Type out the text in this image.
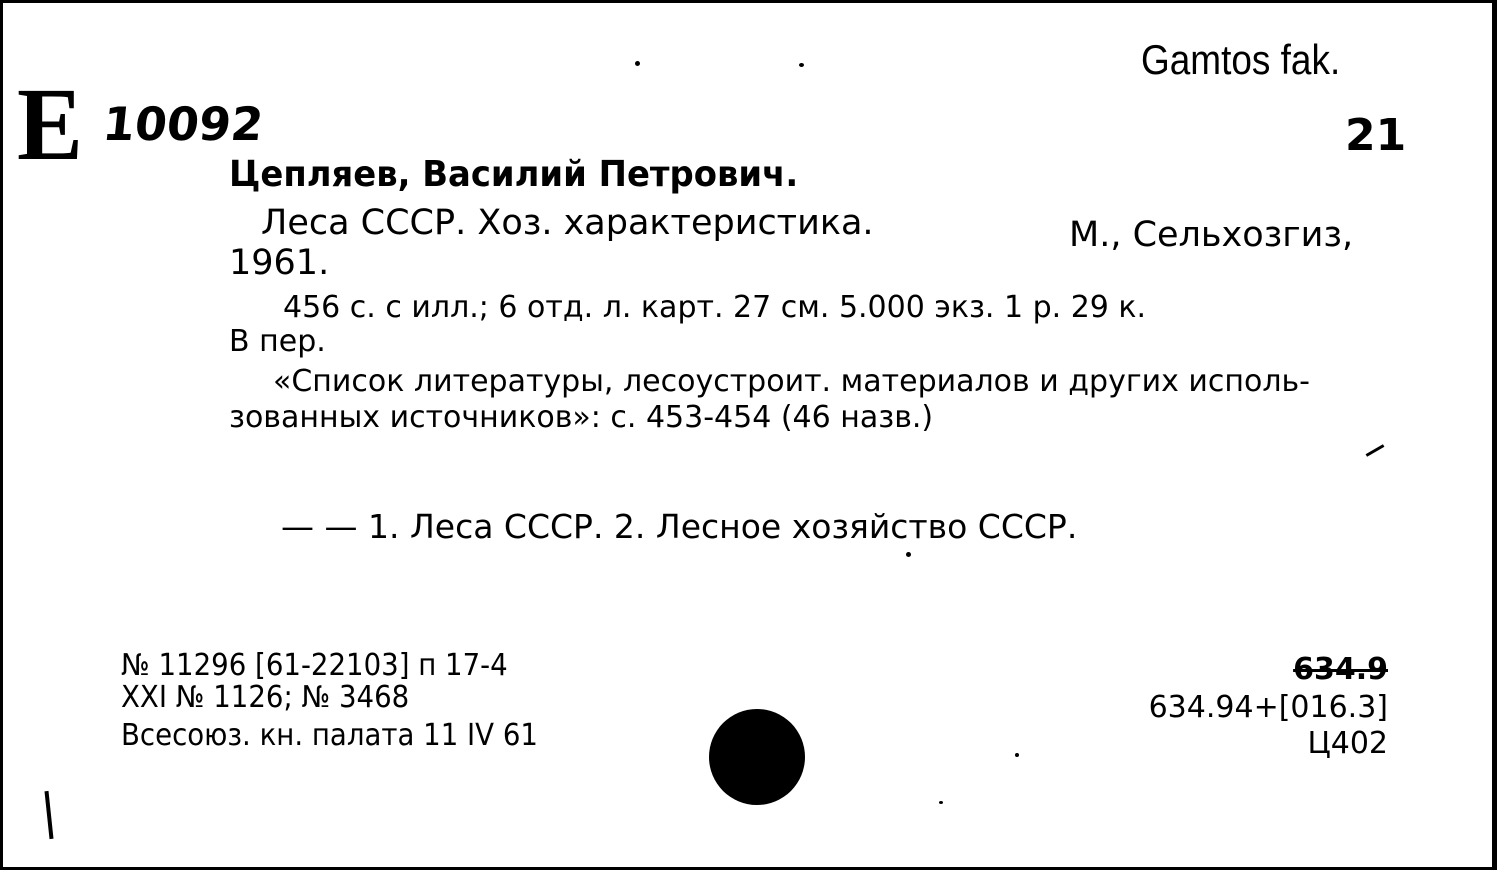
Е 10092
Gamtos fak.
21
Цепляев, Василий Петрович.
Леса СССР. Хоз. характеристика.	М., Сельхозгиз,
1961.
456 с. с илл.; 6 отд. л. карт. 27 см. 5.000 экз. 1 р. 29 к.
В пер.
«Список литературы, лесоустроит. материалов и других исполь-
зованных источников»: с. 453-454 (46 назв.)
— — 1. Леса СССР. 2. Лесное хозяйство СССР.
№ 11296 [61-22103] п 17-4
XXI № 1126; № 3468
Всесоюз. кн. палата 11 IV 61
634.9
634.94+[016.3]
Ц402
